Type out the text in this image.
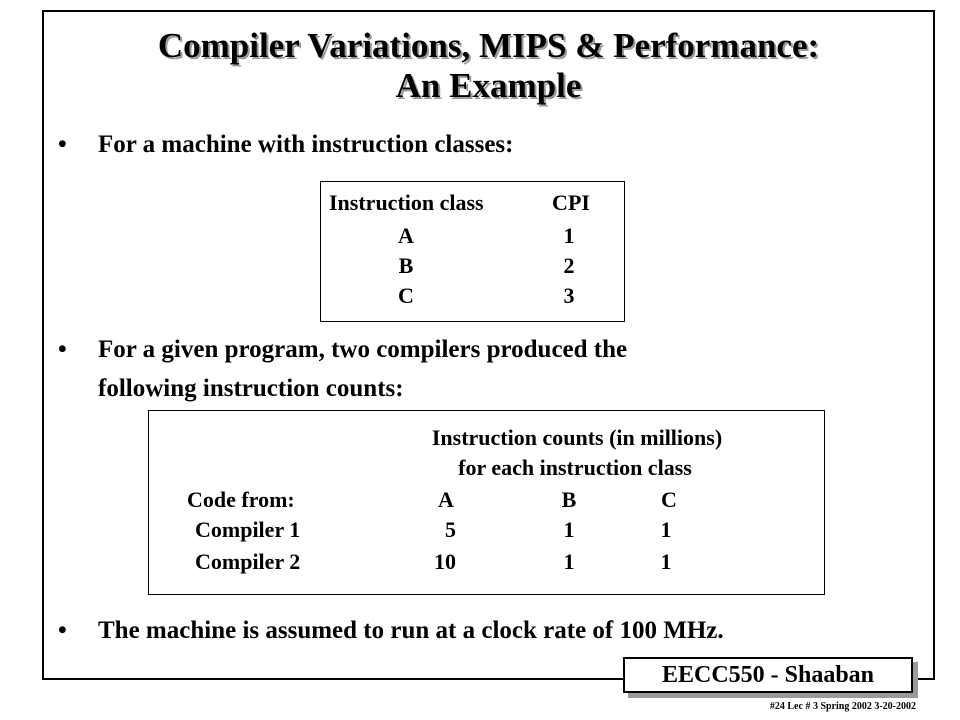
Compiler Variations, MIPS & Performance:
An Example
• For a machine with instruction classes:
Instruction class	CPI
A	1
B	2
C	3
• For a given program, two compilers produced the
following instruction counts:
Instruction counts (in millions)
for each instruction class
Code from:	A	B	C
Compiler 1	5	1	1
Compiler 2	10	1	1
• The machine is assumed to run at a clock rate of 100 MHz.
EECC550 - Shaaban
#24 Lec # 3 Spring 2002 3-20-2002
